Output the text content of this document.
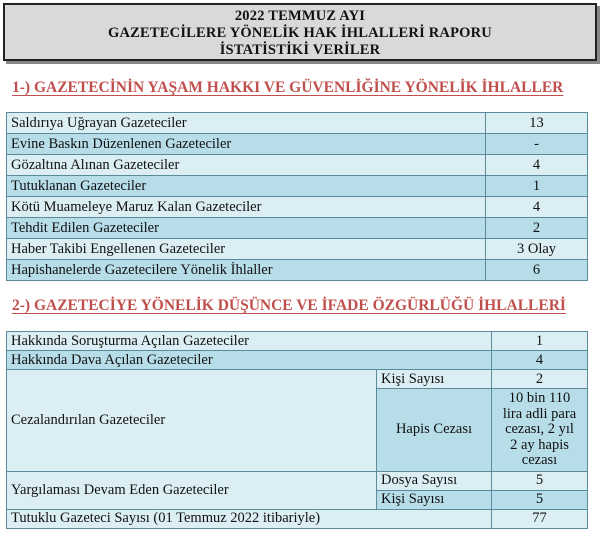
2022 TEMMUZ AYI
GAZETECİLERE YÖNELİK HAK İHLALLERİ RAPORU
İSTATİSTİKİ VERİLER
1-) GAZETECİNİN YAŞAM HAKKI VE GÜVENLİĞİNE YÖNELİK İHLALLER
Saldırıya Uğrayan Gazeteciler	13
Evine Baskın Düzenlenen Gazeteciler	-
Gözaltına Alınan Gazeteciler	4
Tutuklanan Gazeteciler	1
Kötü Muameleye Maruz Kalan Gazeteciler	4
Tehdit Edilen Gazeteciler	2
Haber Takibi Engellenen Gazeteciler	3 Olay
Hapishanelerde Gazetecilere Yönelik İhlaller	6
2-) GAZETECİYE YÖNELİK DÜŞÜNCE VE İFADE ÖZGÜRLÜĞÜ İHLALLERİ
Hakkında Soruşturma Açılan Gazeteciler		1
Hakkında Dava Açılan Gazeteciler		4
Cezalandırılan Gazeteciler	Kişi Sayısı	2
	Hapis Cezası	10 bin 110
lira adli para
cezası, 2 yıl
2 ay hapis
cezası

Yargılaması Devam Eden Gazeteciler	Dosya Sayısı	5
	Kişi Sayısı	5
Tutuklu Gazeteci Sayısı (01 Temmuz 2022 itibariyle)		77
